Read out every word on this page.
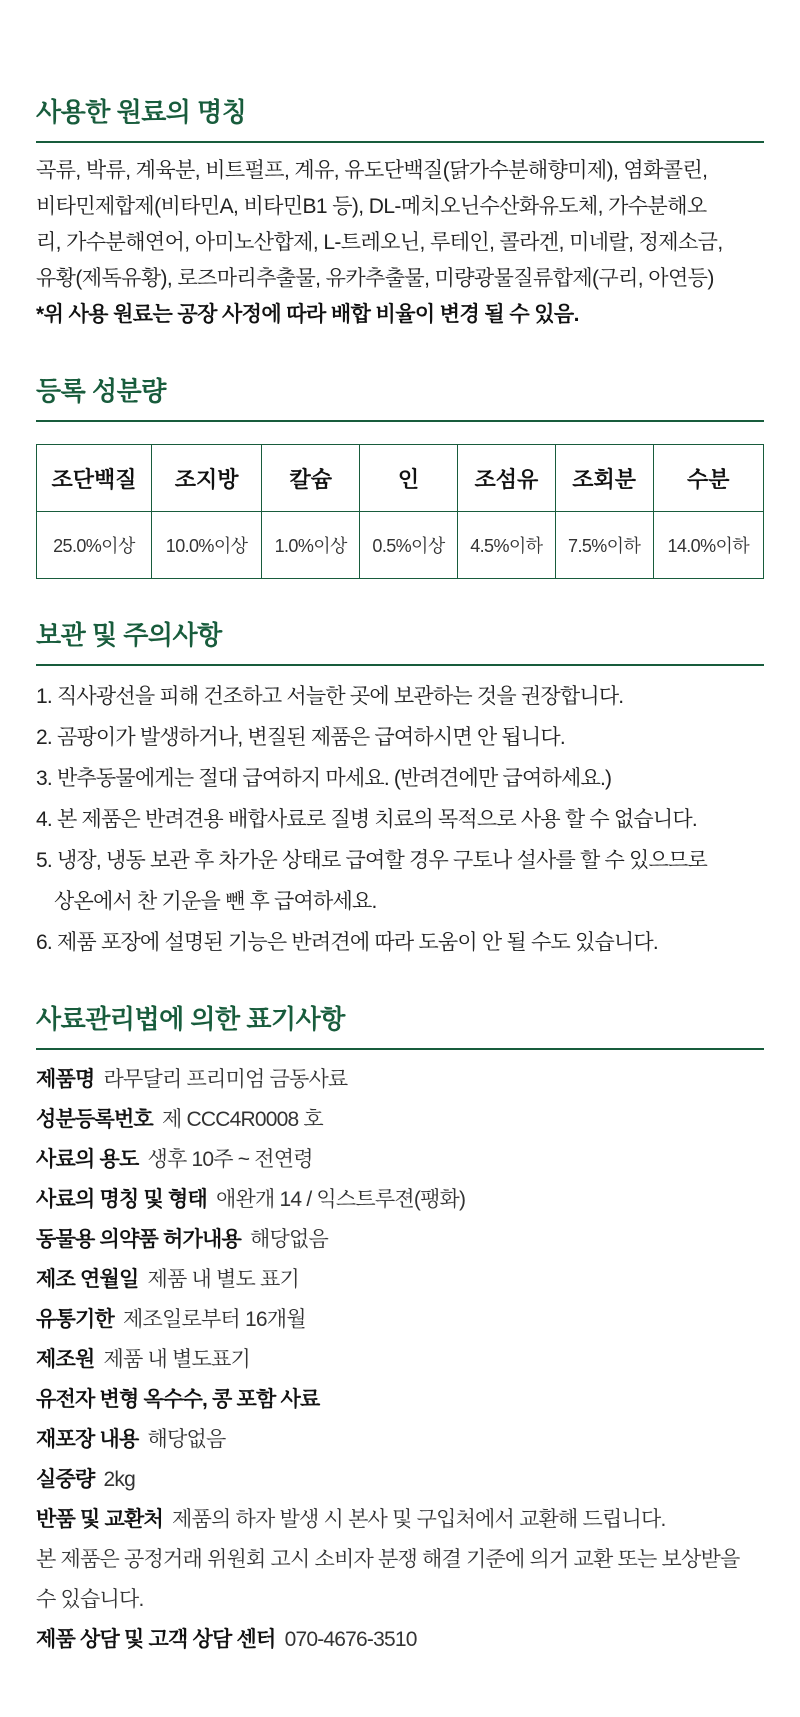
사용한 원료의 명칭

곡류, 박류, 계육분, 비트펄프, 계유, 유도단백질(닭가수분해향미제), 염화콜린,
비타민제합제(비타민A, 비타민B1 등), DL-메치오닌수산화유도체, 가수분해오
리, 가수분해연어, 아미노산합제, L-트레오닌, 루테인, 콜라겐, 미네랄, 정제소금,
유황(제독유황), 로즈마리추출물, 유카추출물, 미량광물질류합제(구리, 아연등)
*위 사용 원료는 공장 사정에 따라 배합 비율이 변경 될 수 있음.

등록 성분량
조단백질	조지방	칼슘	인	조섬유	조회분	수분
25.0%이상	10.0%이상	1.0%이상	0.5%이상	4.5%이하	7.5%이하	14.0%이하
보관 및 주의사항
1. 직사광선을 피해 건조하고 서늘한 곳에 보관하는 것을 권장합니다.
2. 곰팡이가 발생하거나, 변질된 제품은 급여하시면 안 됩니다.
3. 반추동물에게는 절대 급여하지 마세요. (반려견에만 급여하세요.)
4. 본 제품은 반려견용 배합사료로 질병 치료의 목적으로 사용 할 수 없습니다.
5. 냉장, 냉동 보관 후 차가운 상태로 급여할 경우 구토나 설사를 할 수 있으므로
상온에서 찬 기운을 뺀 후 급여하세요.
6. 제품 포장에 설명된 기능은 반려견에 따라 도움이 안 될 수도 있습니다.
사료관리법에 의한 표기사항
제품명 라무달리 프리미엄 금동사료
성분등록번호 제 CCC4R0008 호
사료의 용도 생후 10주 ~ 전연령
사료의 명칭 및 형태 애완개 14 / 익스트루젼(팽화)
동물용 의약품 허가내용 해당없음
제조 연월일 제품 내 별도 표기
유통기한 제조일로부터 16개월
제조원 제품 내 별도표기
유전자 변형 옥수수, 콩 포함 사료
재포장 내용 해당없음
실중량 2kg
반품 및 교환처 제품의 하자 발생 시 본사 및 구입처에서 교환해 드립니다.
본 제품은 공정거래 위원회 고시 소비자 분쟁 해결 기준에 의거 교환 또는 보상받을
수 있습니다.
제품 상담 및 고객 상담 센터 070-4676-3510
